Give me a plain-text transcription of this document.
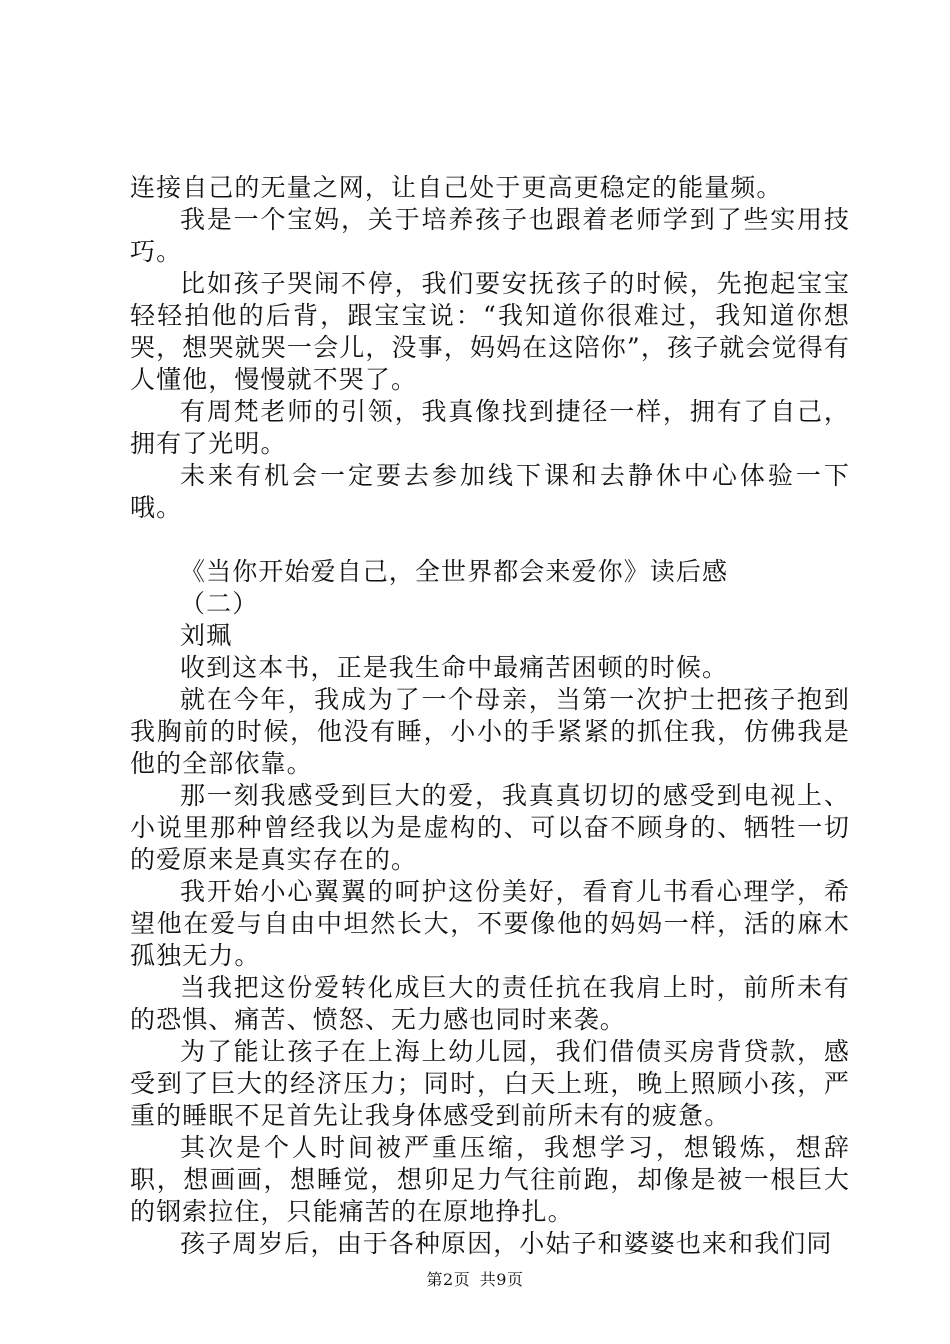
连接自己的无量之网，让自己处于更高更稳定的能量频。

我是一个宝妈，关于培养孩子也跟着老师学到了些实用技巧。

比如孩子哭闹不停，我们要安抚孩子的时候，先抱起宝宝轻轻拍他的后背，跟宝宝说：“我知道你很难过，我知道你想哭，想哭就哭一会儿，没事，妈妈在这陪你”，孩子就会觉得有人懂他，慢慢就不哭了。

有周梵老师的引领，我真像找到捷径一样，拥有了自己，拥有了光明。

未来有机会一定要去参加线下课和去静休中心体验一下哦。

《当你开始爱自己，全世界都会来爱你》读后感

（二）

刘珮

收到这本书，正是我生命中最痛苦困顿的时候。

就在今年，我成为了一个母亲，当第一次护士把孩子抱到我胸前的时候，他没有睡，小小的手紧紧的抓住我，仿佛我是他的全部依靠。

那一刻我感受到巨大的爱，我真真切切的感受到电视上、小说里那种曾经我以为是虚构的、可以奋不顾身的、牺牲一切的爱原来是真实存在的。

我开始小心翼翼的呵护这份美好，看育儿书看心理学，希望他在爱与自由中坦然长大，不要像他的妈妈一样，活的麻木孤独无力。

当我把这份爱转化成巨大的责任抗在我肩上时，前所未有的恐惧、痛苦、愤怒、无力感也同时来袭。

为了能让孩子在上海上幼儿园，我们借债买房背贷款，感受到了巨大的经济压力；同时，白天上班，晚上照顾小孩，严重的睡眠不足首先让我身体感受到前所未有的疲惫。

其次是个人时间被严重压缩，我想学习，想锻炼，想辞职，想画画，想睡觉，想卯足力气往前跑，却像是被一根巨大的钢索拉住，只能痛苦的在原地挣扎。

孩子周岁后，由于各种原因，小姑子和婆婆也来和我们同

第2页 共9页
